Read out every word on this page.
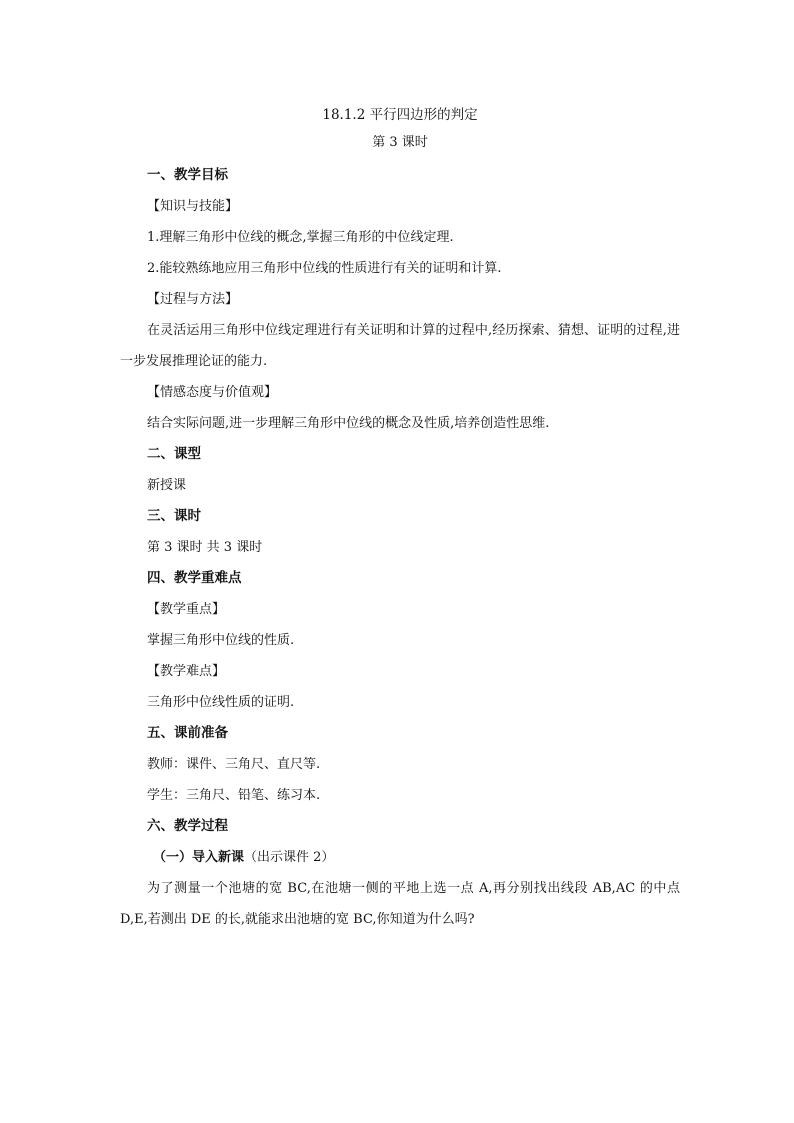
18.1.2 平行四边形的判定

第 3 课时

一、教学目标

【知识与技能】

1.理解三角形中位线的概念,掌握三角形的中位线定理.

2.能较熟练地应用三角形中位线的性质进行有关的证明和计算.

【过程与方法】

在灵活运用三角形中位线定理进行有关证明和计算的过程中,经历探索、猜想、证明的过程,进一步发展推理论证的能力.

【情感态度与价值观】

结合实际问题,进一步理解三角形中位线的概念及性质,培养创造性思维.

二、课型

新授课

三、课时

第 3 课时 共 3 课时

四、教学重难点

【教学重点】

掌握三角形中位线的性质.

【教学难点】

三角形中位线性质的证明.

五、课前准备

教师：课件、三角尺、直尺等.

学生：三角尺、铅笔、练习本.

六、教学过程

（一）导入新课（出示课件 2）

为了测量一个池塘的宽 BC,在池塘一侧的平地上选一点 A,再分别找出线段 AB,AC 的中点 D,E,若测出 DE 的长,就能求出池塘的宽 BC,你知道为什么吗?
